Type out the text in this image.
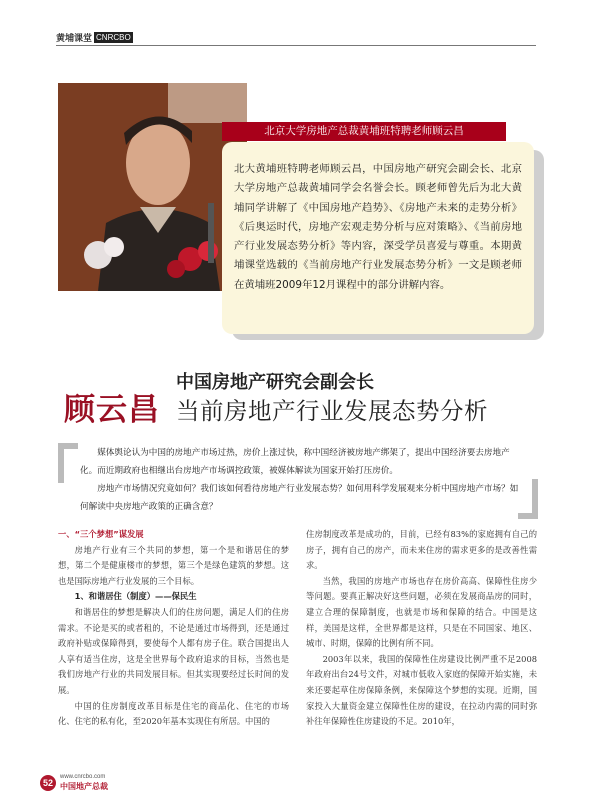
黄埔课堂 CNRCBO
北京大学房地产总裁黄埔班特聘老师顾云昌

北大黄埔班特聘老师顾云昌，中国房地产研究会副会长、北京大学房地产总裁黄埔同学会名誉会长。顾老师曾先后为北大黄埔同学讲解了《中国房地产趋势》、《房地产未来的走势分析》《后奥运时代，房地产宏观走势分析与应对策略》、《当前房地产行业发展态势分析》等内容，深受学员喜爱与尊重。本期黄埔课堂选载的《当前房地产行业发展态势分析》一文是顾老师在黄埔班2009年12月课程中的部分讲解内容。

顾云昌
中国房地产研究会副会长
当前房地产行业发展态势分析

媒体舆论认为中国的房地产市场过热，房价上涨过快，称中国经济被房地产绑架了，提出中国经济要去房地产化。而近期政府也相继出台房地产市场调控政策，被媒体解读为国家开始打压房价。

房地产市场情况究竟如何？我们该如何看待房地产行业发展态势？如何用科学发展观来分析中国房地产市场？如何解读中央房地产政策的正确含意？

一、“三个梦想”谋发展

房地产行业有三个共同的梦想，第一个是和谐居住的梦想，第二个是健康楼市的梦想，第三个是绿色建筑的梦想。这也是国际房地产行业发展的三个目标。

1、和谐居住（制度）——保民生

和谐居住的梦想是解决人们的住房问题，满足人们的住房需求。不论是买的或者租的，不论是通过市场得到，还是通过政府补贴或保障得到，要使每个人都有房子住。联合国提出人人享有适当住房，这是全世界每个政府追求的目标，当然也是我们房地产行业的共同发展目标。但其实现要经过长时间的发展。

中国的住房制度改革目标是住宅的商品化、住宅的市场化、住宅的私有化，至2020年基本实现住有所居。中国的

住房制度改革是成功的，目前，已经有83%的家庭拥有自己的房子，拥有自己的房产，而未来住房的需求更多的是改善性需求。

当然，我国的房地产市场也存在房价高高、保障性住房少等问题。要真正解决好这些问题，必须在发展商品房的同时，建立合理的保障制度，也就是市场和保障的结合。中国是这样，美国是这样，全世界都是这样，只是在不同国家、地区、城市、时期，保障的比例有所不同。

2003年以来，我国的保障性住房建设比例严重不足2008年政府出台24号文件，对城市低收入家庭的保障开始实施，未来还要起草住房保障条例，来保障这个梦想的实现。近期，国家投入大量资金建立保障性住房的建设，在拉动内需的同时弥补往年保障性住房建设的不足。2010年，

52
www.cnrcbo.com
中国地产总裁
